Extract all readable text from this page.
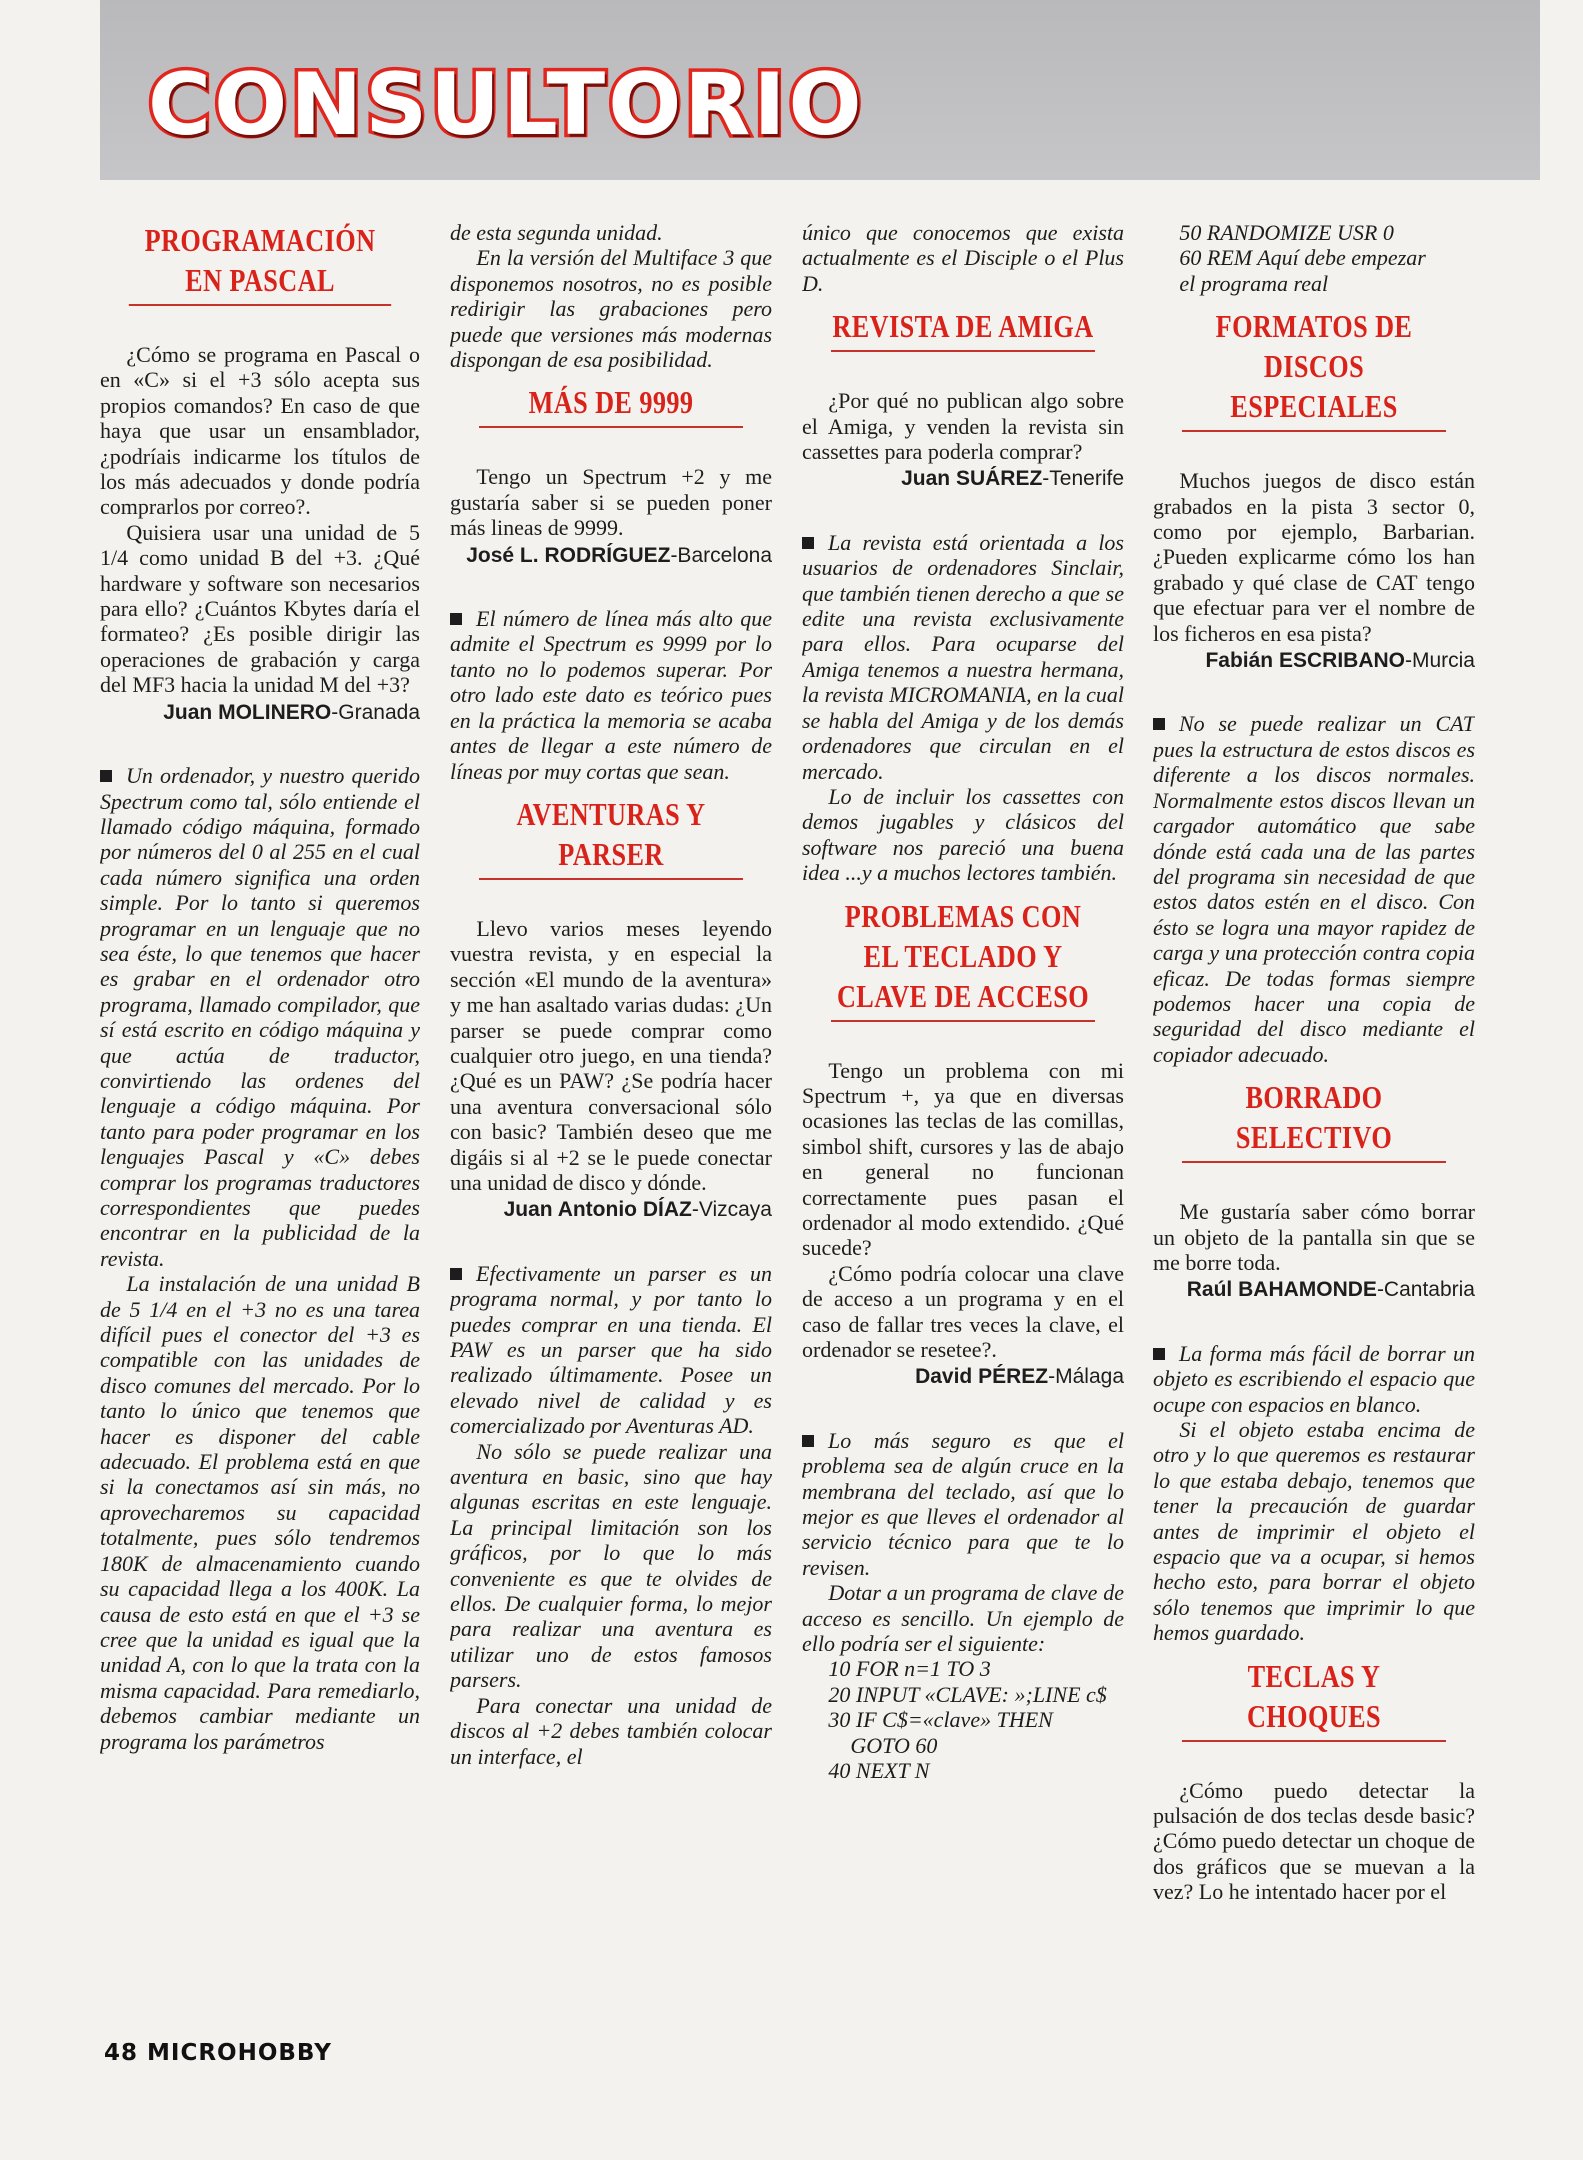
CONSULTORIO
PROGRAMACIÓN EN PASCAL

¿Cómo se programa en Pascal o en «C» si el +3 sólo acepta sus propios comandos? En caso de que haya que usar un ensamblador, ¿podríais indicarme los títulos de los más adecuados y donde podría comprarlos por correo?.

Quisiera usar una unidad de 5 1/4 como unidad B del +3. ¿Qué hardware y software son necesarios para ello? ¿Cuántos Kbytes daría el formateo? ¿Es posible dirigir las operaciones de grabación y carga del MF3 hacia la unidad M del +3?

Juan MOLINERO-Granada

Un ordenador, y nuestro querido Spectrum como tal, sólo entiende el llamado código máquina, formado por números del 0 al 255 en el cual cada número significa una orden simple. Por lo tanto si queremos programar en un lenguaje que no sea éste, lo que tenemos que hacer es grabar en el ordenador otro programa, llamado compilador, que sí está escrito en código máquina y que actúa de traductor, convirtiendo las ordenes del lenguaje a código máquina. Por tanto para poder programar en los lenguajes Pascal y «C» debes comprar los programas traductores correspondientes que puedes encontrar en la publicidad de la revista.

La instalación de una unidad B de 5 1/4 en el +3 no es una tarea difícil pues el conector del +3 es compatible con las unidades de disco comunes del mercado. Por lo tanto lo único que tenemos que hacer es disponer del cable adecuado. El problema está en que si la conectamos así sin más, no aprovecharemos su capacidad totalmente, pues sólo tendremos 180K de almacenamiento cuando su capacidad llega a los 400K. La causa de esto está en que el +3 se cree que la unidad es igual que la unidad A, con lo que la trata con la misma capacidad. Para remediarlo, debemos cambiar mediante un programa los parámetros

de esta segunda unidad.

En la versión del Multiface 3 que disponemos nosotros, no es posible redirigir las grabaciones pero puede que versiones más modernas dispongan de esa posibilidad.

MÁS DE 9999

Tengo un Spectrum +2 y me gustaría saber si se pueden poner más lineas de 9999.

José L. RODRÍGUEZ-Barcelona

El número de línea más alto que admite el Spectrum es 9999 por lo tanto no lo podemos superar. Por otro lado este dato es teórico pues en la práctica la memoria se acaba antes de llegar a este número de líneas por muy cortas que sean.

AVENTURAS Y PARSER

Llevo varios meses leyendo vuestra revista, y en especial la sección «El mundo de la aventura» y me han asaltado varias dudas: ¿Un parser se puede comprar como cualquier otro juego, en una tienda? ¿Qué es un PAW? ¿Se podría hacer una aventura conversacional sólo con basic? También deseo que me digáis si al +2 se le puede conectar una unidad de disco y dónde.

Juan Antonio DÍAZ-Vizcaya

Efectivamente un parser es un programa normal, y por tanto lo puedes comprar en una tienda. El PAW es un parser que ha sido realizado últimamente. Posee un elevado nivel de calidad y es comercializado por Aventuras AD.

No sólo se puede realizar una aventura en basic, sino que hay algunas escritas en este lenguaje. La principal limitación son los gráficos, por lo que lo más conveniente es que te olvides de ellos. De cualquier forma, lo mejor para realizar una aventura es utilizar uno de estos famosos parsers.

Para conectar una unidad de discos al +2 debes también colocar un interface, el

único que conocemos que exista actualmente es el Disciple o el Plus D.

REVISTA DE AMIGA

¿Por qué no publican algo sobre el Amiga, y venden la revista sin cassettes para poderla comprar?

Juan SUÁREZ-Tenerife

La revista está orientada a los usuarios de ordenadores Sinclair, que también tienen derecho a que se edite una revista exclusivamente para ellos. Para ocuparse del Amiga tenemos a nuestra hermana, la revista MICROMANIA, en la cual se habla del Amiga y de los demás ordenadores que circulan en el mercado.

Lo de incluir los cassettes con demos jugables y clásicos del software nos pareció una buena idea ...y a muchos lectores también.

PROBLEMAS CON EL TECLADO Y CLAVE DE ACCESO

Tengo un problema con mi Spectrum +, ya que en diversas ocasiones las teclas de las comillas, simbol shift, cursores y las de abajo en general no funcionan correctamente pues pasan el ordenador al modo extendido. ¿Qué sucede?

¿Cómo podría colocar una clave de acceso a un programa y en el caso de fallar tres veces la clave, el ordenador se resetee?.

David PÉREZ-Málaga

Lo más seguro es que el problema sea de algún cruce en la membrana del teclado, así que lo mejor es que lleves el ordenador al servicio técnico para que te lo revisen.

Dotar a un programa de clave de acceso es sencillo. Un ejemplo de ello podría ser el siguiente:

10 FOR n=1 TO 3

20 INPUT «CLAVE: »;LINE c$

30 IF C$=«clave» THEN

GOTO 60

40 NEXT N

50 RANDOMIZE USR 0

60 REM Aquí debe empezar

el programa real

FORMATOS DE DISCOS ESPECIALES

Muchos juegos de disco están grabados en la pista 3 sector 0, como por ejemplo, Barbarian. ¿Pueden explicarme cómo los han grabado y qué clase de CAT tengo que efectuar para ver el nombre de los ficheros en esa pista?

Fabián ESCRIBANO-Murcia

No se puede realizar un CAT pues la estructura de estos discos es diferente a los discos normales. Normalmente estos discos llevan un cargador automático que sabe dónde está cada una de las partes del programa sin necesidad de que estos datos estén en el disco. Con ésto se logra una mayor rapidez de carga y una protección contra copia eficaz. De todas formas siempre podemos hacer una copia de seguridad del disco mediante el copiador adecuado.

BORRADO SELECTIVO

Me gustaría saber cómo borrar un objeto de la pantalla sin que se me borre toda.

Raúl BAHAMONDE-Cantabria

La forma más fácil de borrar un objeto es escribiendo el espacio que ocupe con espacios en blanco.

Si el objeto estaba encima de otro y lo que queremos es restaurar lo que estaba debajo, tenemos que tener la precaución de guardar antes de imprimir el objeto el espacio que va a ocupar, si hemos hecho esto, para borrar el objeto sólo tenemos que imprimir lo que hemos guardado.

TECLAS Y CHOQUES

¿Cómo puedo detectar la pulsación de dos teclas desde basic? ¿Cómo puedo detectar un choque de dos gráficos que se muevan a la vez? Lo he intentado hacer por el

48 MICROHOBBY
